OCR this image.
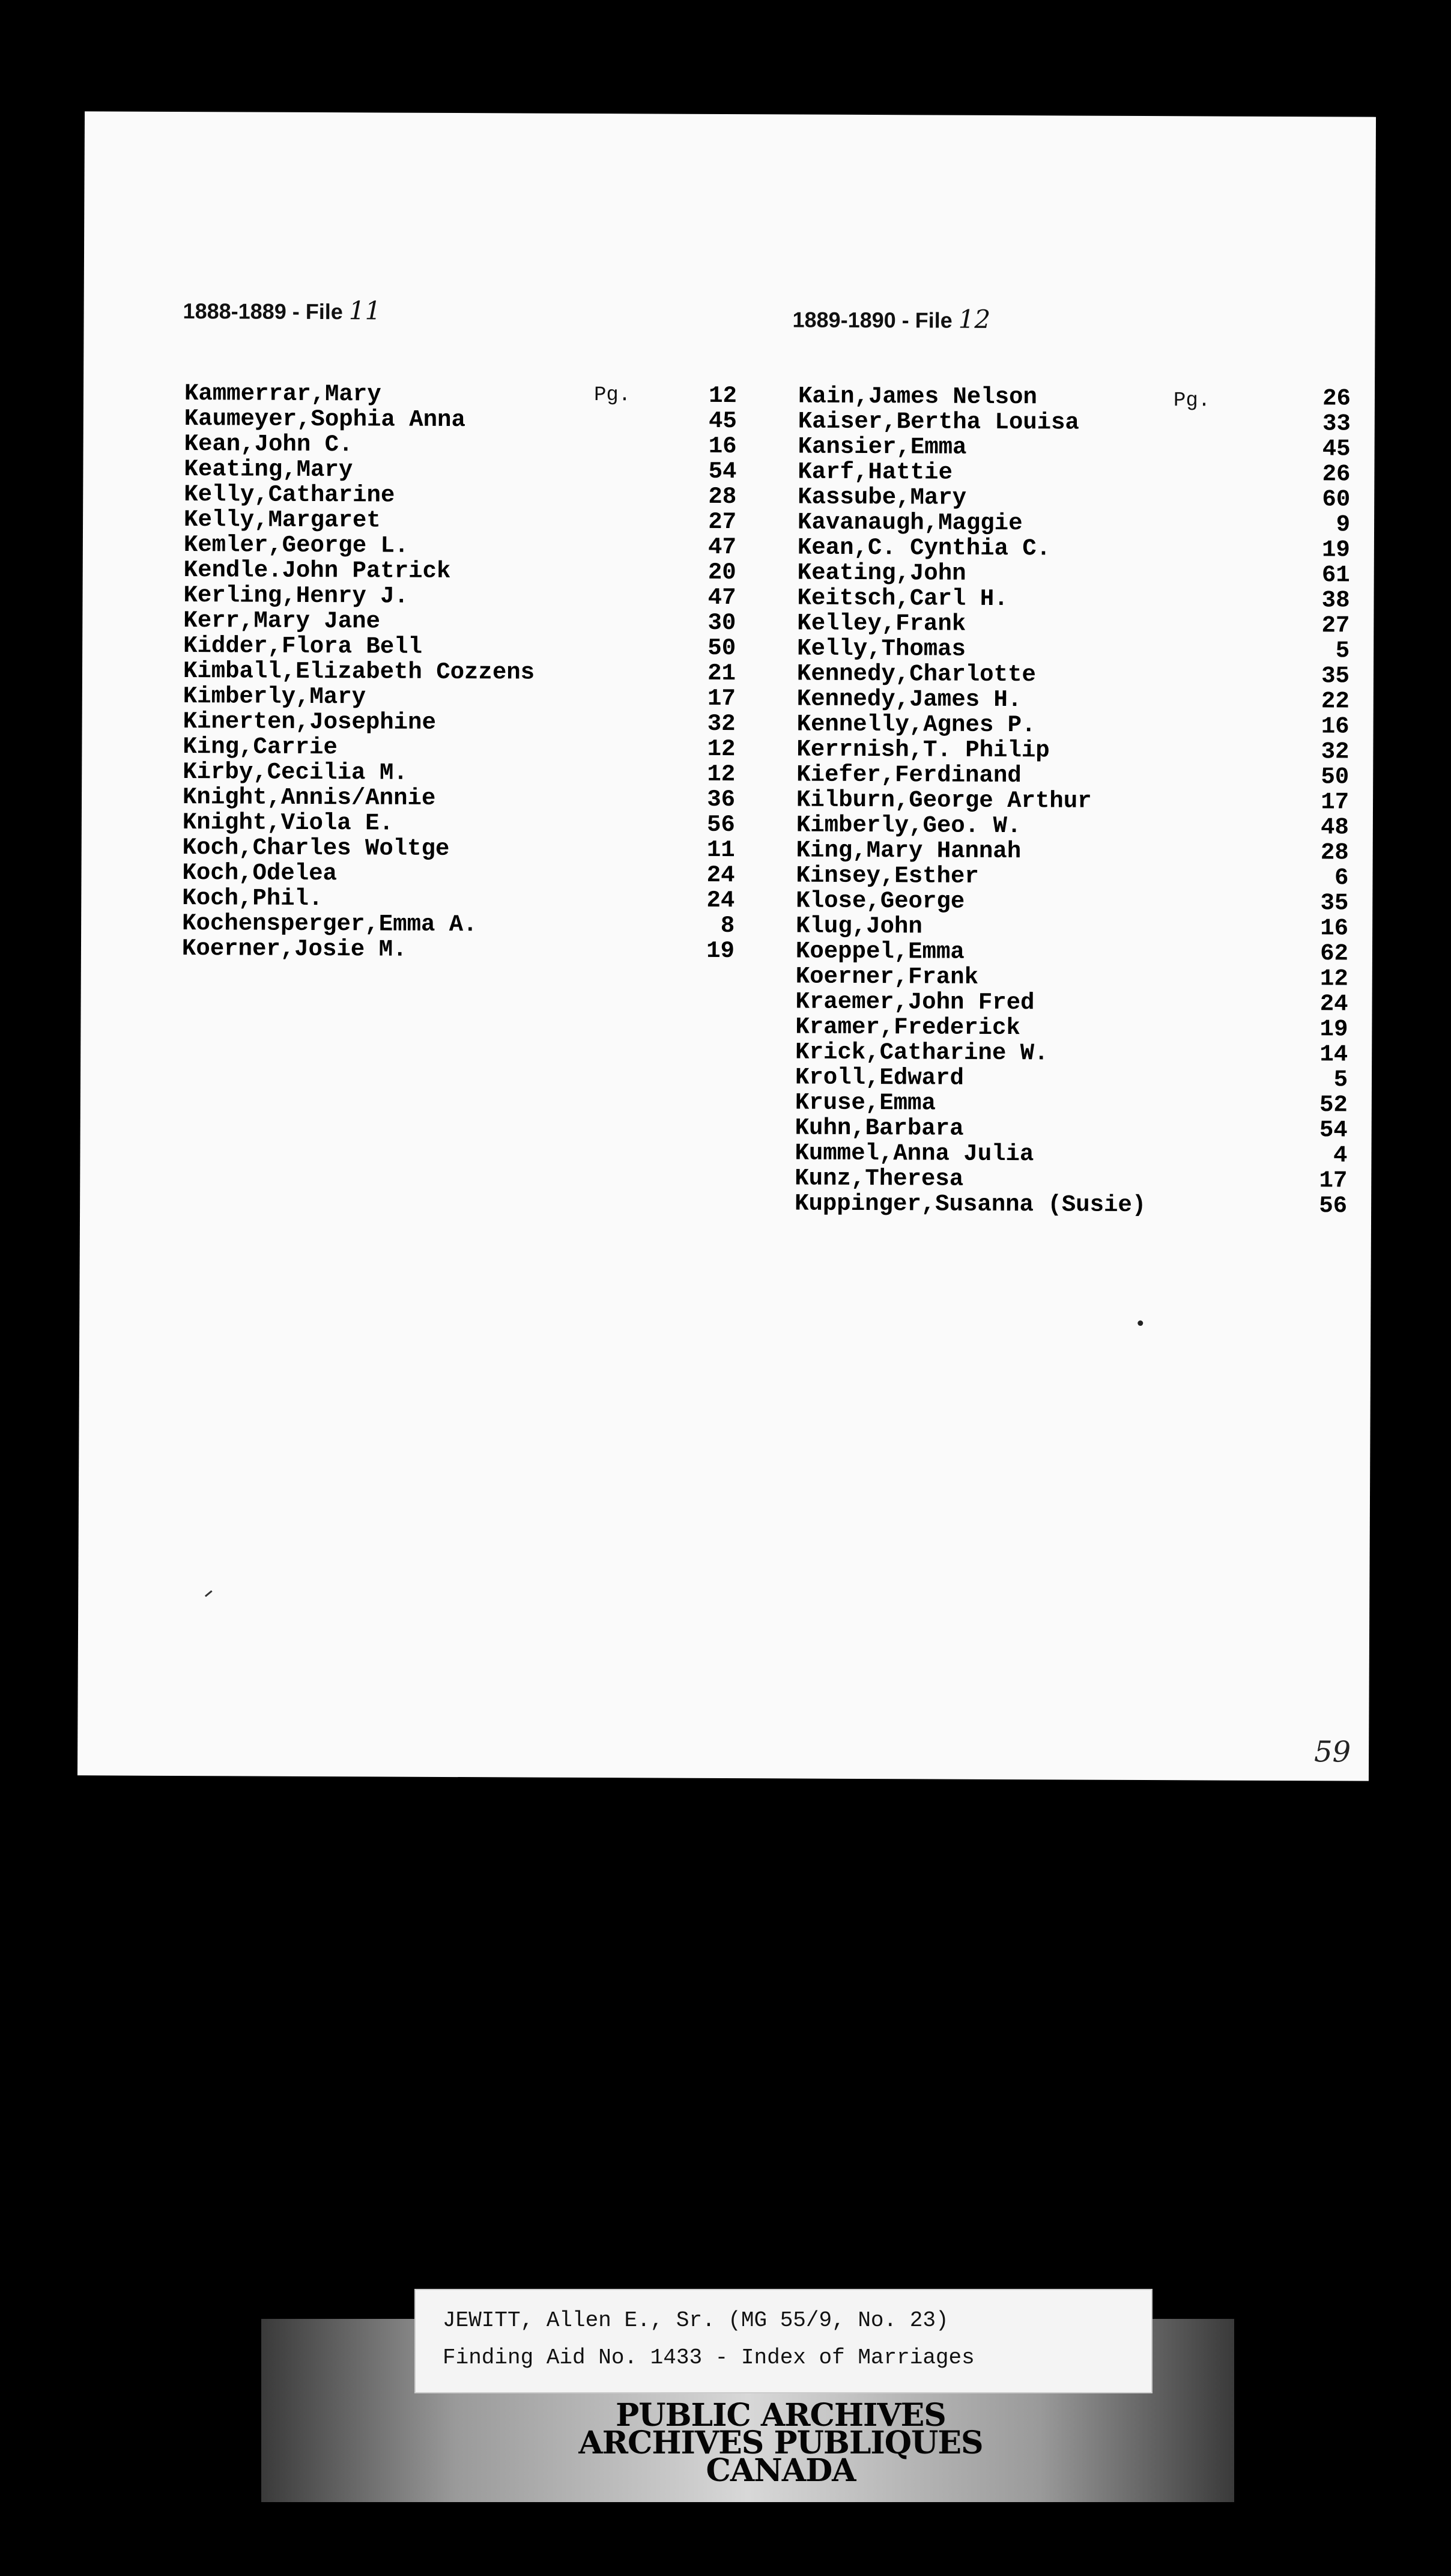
1888-1889 - File 11	1889-1890 - File 12
Pg.	Pg.
Kammerrar,Mary	12
Kaumeyer,Sophia Anna	45
Kean,John C.	16
Keating,Mary	54
Kelly,Catharine	28
Kelly,Margaret	27
Kemler,George L.	47
Kendle.John Patrick	20
Kerling,Henry J.	47
Kerr,Mary Jane	30
Kidder,Flora Bell	50
Kimball,Elizabeth Cozzens	21
Kimberly,Mary	17
Kinerten,Josephine	32
King,Carrie	12
Kirby,Cecilia M.	12
Knight,Annis/Annie	36
Knight,Viola E.	56
Koch,Charles Woltge	11
Koch,Odelea	24
Koch,Phil.	24
Kochensperger,Emma A.	8
Koerner,Josie M.	19
Kain,James Nelson	26
Kaiser,Bertha Louisa	33
Kansier,Emma	45
Karf,Hattie	26
Kassube,Mary	60
Kavanaugh,Maggie	9
Kean,C. Cynthia C.	19
Keating,John	61
Keitsch,Carl H.	38
Kelley,Frank	27
Kelly,Thomas	5
Kennedy,Charlotte	35
Kennedy,James H.	22
Kennelly,Agnes P.	16
Kerrnish,T. Philip	32
Kiefer,Ferdinand	50
Kilburn,George Arthur	17
Kimberly,Geo. W.	48
King,Mary Hannah	28
Kinsey,Esther	6
Klose,George	35
Klug,John	16
Koeppel,Emma	62
Koerner,Frank	12
Kraemer,John Fred	24
Kramer,Frederick	19
Krick,Catharine W.	14
Kroll,Edward	5
Kruse,Emma	52
Kuhn,Barbara	54
Kummel,Anna Julia	4
Kunz,Theresa	17
Kuppinger,Susanna (Susie)	56
59
JEWITT, Allen E., Sr. (MG 55/9, No. 23)
Finding Aid No. 1433 - Index of Marriages
PUBLIC ARCHIVES
ARCHIVES PUBLIQUES
CANADA
